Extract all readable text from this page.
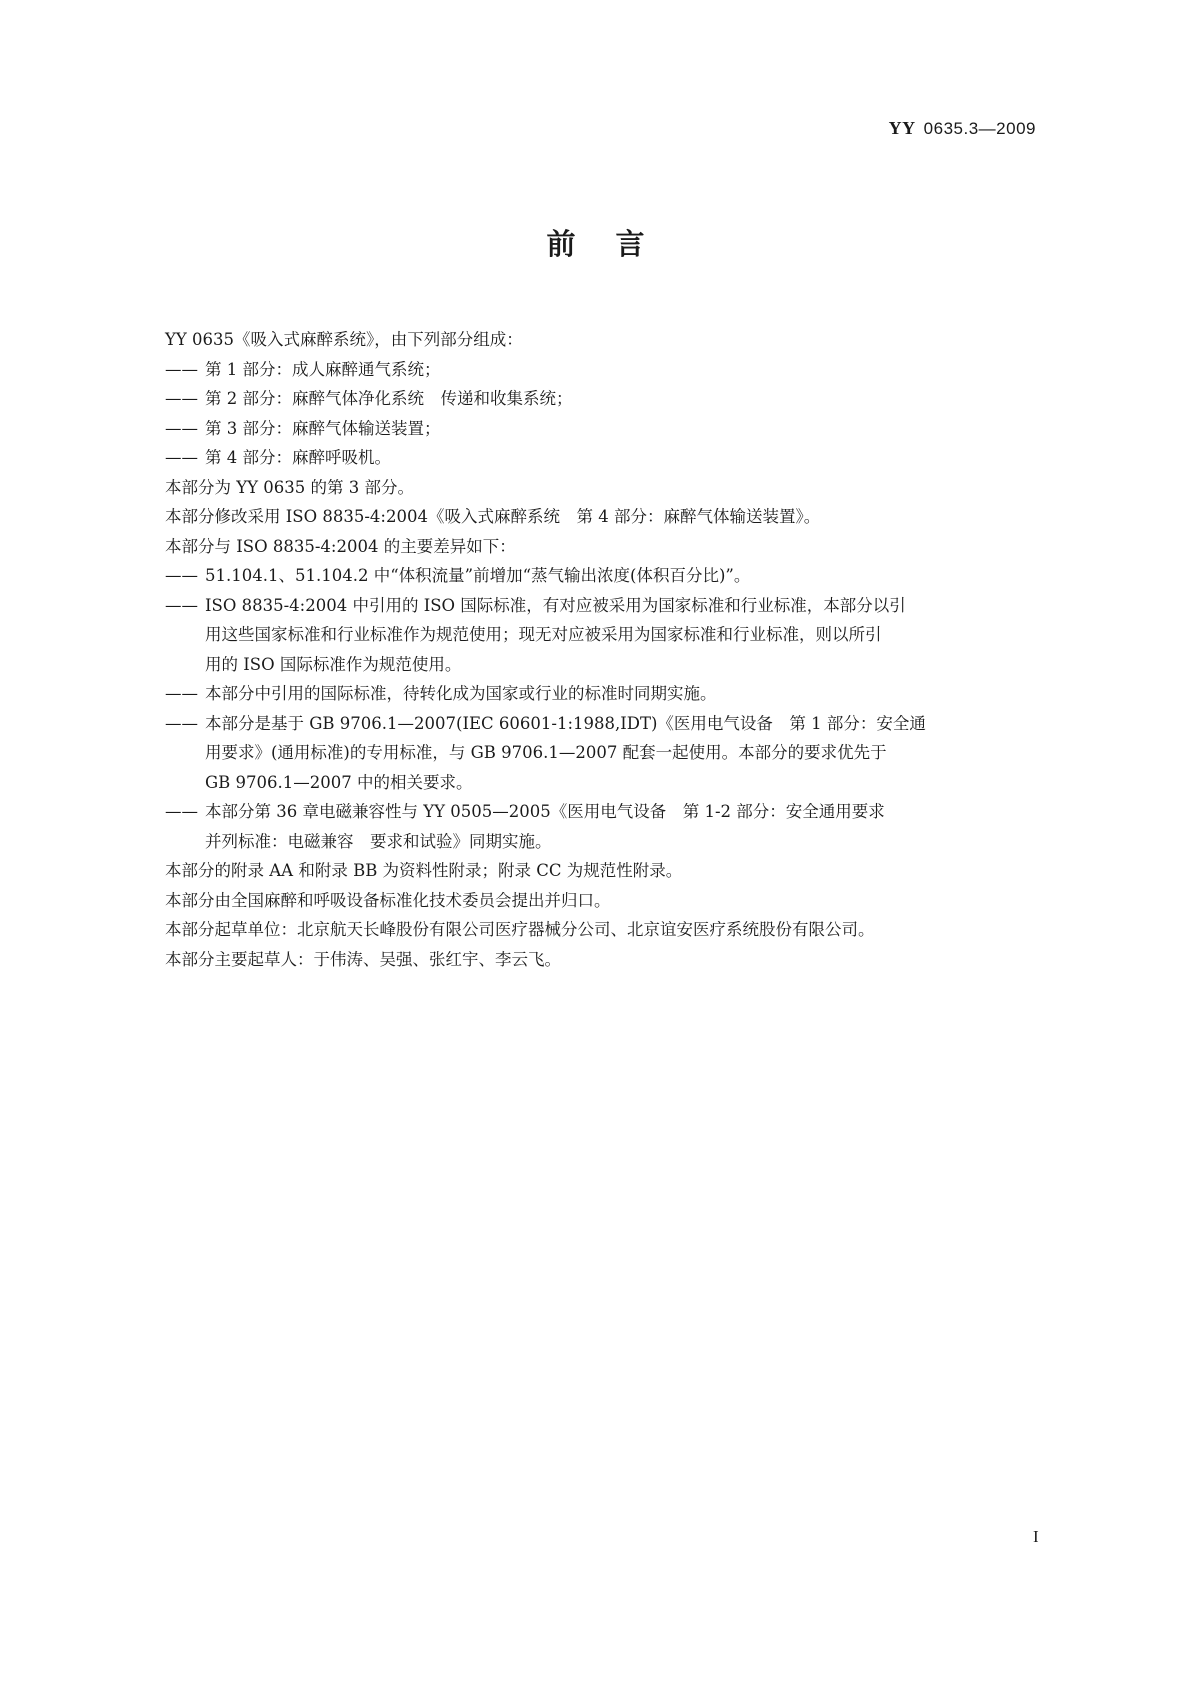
YY 0635.3—2009
前言

YY 0635《吸入式麻醉系统》，由下列部分组成：

—— 第 1 部分：成人麻醉通气系统；
—— 第 2 部分：麻醉气体净化系统　传递和收集系统；
—— 第 3 部分：麻醉气体输送装置；
—— 第 4 部分：麻醉呼吸机。

本部分为 YY 0635 的第 3 部分。

本部分修改采用 ISO 8835-4:2004《吸入式麻醉系统　第 4 部分：麻醉气体输送装置》。

本部分与 ISO 8835-4:2004 的主要差异如下：

—— 51.104.1、51.104.2 中“体积流量”前增加“蒸气输出浓度(体积百分比)”。
—— ISO 8835-4:2004 中引用的 ISO 国际标准，有对应被采用为国家标准和行业标准，本部分以引
用这些国家标准和行业标准作为规范使用；现无对应被采用为国家标准和行业标准，则以所引
用的 ISO 国际标准作为规范使用。
—— 本部分中引用的国际标准，待转化成为国家或行业的标准时同期实施。
—— 本部分是基于 GB 9706.1—2007(IEC 60601-1:1988,IDT)《医用电气设备　第 1 部分：安全通
用要求》(通用标准)的专用标准，与 GB 9706.1—2007 配套一起使用。本部分的要求优先于
GB 9706.1—2007 中的相关要求。
—— 本部分第 36 章电磁兼容性与 YY 0505—2005《医用电气设备　第 1-2 部分：安全通用要求
并列标准：电磁兼容　要求和试验》同期实施。

本部分的附录 AA 和附录 BB 为资料性附录；附录 CC 为规范性附录。

本部分由全国麻醉和呼吸设备标准化技术委员会提出并归口。

本部分起草单位：北京航天长峰股份有限公司医疗器械分公司、北京谊安医疗系统股份有限公司。

本部分主要起草人：于伟涛、吴强、张红宇、李云飞。

I
